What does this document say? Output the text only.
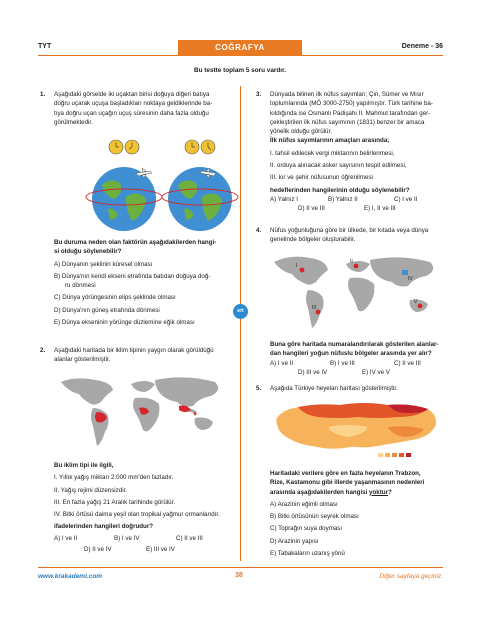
TYT	COĞRAFYA	Deneme - 36
Bu testte toplam 5 soru vardır.
ert
1. Aşağıdaki görselde iki uçaktan birisi doğuya diğeri batıya
doğru uçarak uçuşa başladıkları noktaya geldiklerinde ba-
tıya doğru uçan uçağın uçuş süresinin daha fazla olduğu
görülmektedir.
Bu duruma neden olan faktörün aşağıdakilerden hangi-
si olduğu söylenebilir?
A) Dünyanın şeklinin küresel olması
B) Dünya'nın kendi ekseni etrafında batıdan doğuya doğ-
ru dönmesi
C) Dünya yörüngesinin elips şeklinde olması
D) Dünya'nın güneş etrafında dönmesi
E) Dünya ekseninin yörünge düzlemine eğik olması
2. Aşağıdaki haritada bir iklim tipinin yaygın olarak görüldüğü
alanlar gösterilmiştir.
Bu iklim tipi ile ilgili,
I. Yıllık yağış miktarı 2.000 mm'den fazladır.
II. Yağış rejimi düzensizdir.
III. En fazla yağış 21 Aralık tarihinde görülür.
IV. Bitki örtüsü daima yeşil olan tropikal yağmur ormanlarıdır.
ifadelerinden hangileri doğrudur?
A) I ve II	B) I ve IV	C) II ve III
D) II ve IV	E) III ve IV
3. Dünyada bilinen ilk nüfus sayımları; Çin, Sümer ve Mısır
toplumlarında (MÖ 3000-2750) yapılmıştır. Türk tarihine ba-
kıldığında ise Osmanlı Padişahı II. Mahmut tarafından ger-
çekleştirilen ilk nüfus sayımının (1831) benzer bir amaca
yönelik olduğu görülür.
İlk nüfus sayımlarının amaçları arasında;
I. tahsil edilecek vergi miktarının belirlenmesi,
II. orduya alınacak asker sayısının tespit edilmesi,
III. kır ve şehir nüfusunun öğrenilmesi
hedeflerinden hangilerinin olduğu söylenebilir?
A) Yalnız I	B) Yalnız II	C) I ve II
D) II ve III	E) I, II ve III
4. Nüfus yoğunluğuna göre bir ülkede, bir kıtada veya dünya
genelinde bölgeler oluşturabilir.
I
II
III
IV
V
Buna göre haritada numaralandırılarak gösterilen alanlar-
dan hangileri yoğun nüfuslu bölgeler arasında yer alır?
A) I ve II	B) I ve III	C) II ve III
D) III ve IV	E) IV ve V
5. Aşağıda Türkiye heyelan haritası gösterilmiştir.
Haritadaki verilere göre en fazla heyelanın Trabzon,
Rize, Kastamonu gibi illerde yaşanmasının nedenleri
arasında aşağıdakilerden hangisi yoktur?
A) Arazinin eğimli olması
B) Bitki örtüsünün seyrek olması
C) Toprağın suya doyması
D) Arazinin yapısı
E) Tabakaların uzanış yönü
www.krakademi.com	38	Diğer sayfaya geçiniz.
